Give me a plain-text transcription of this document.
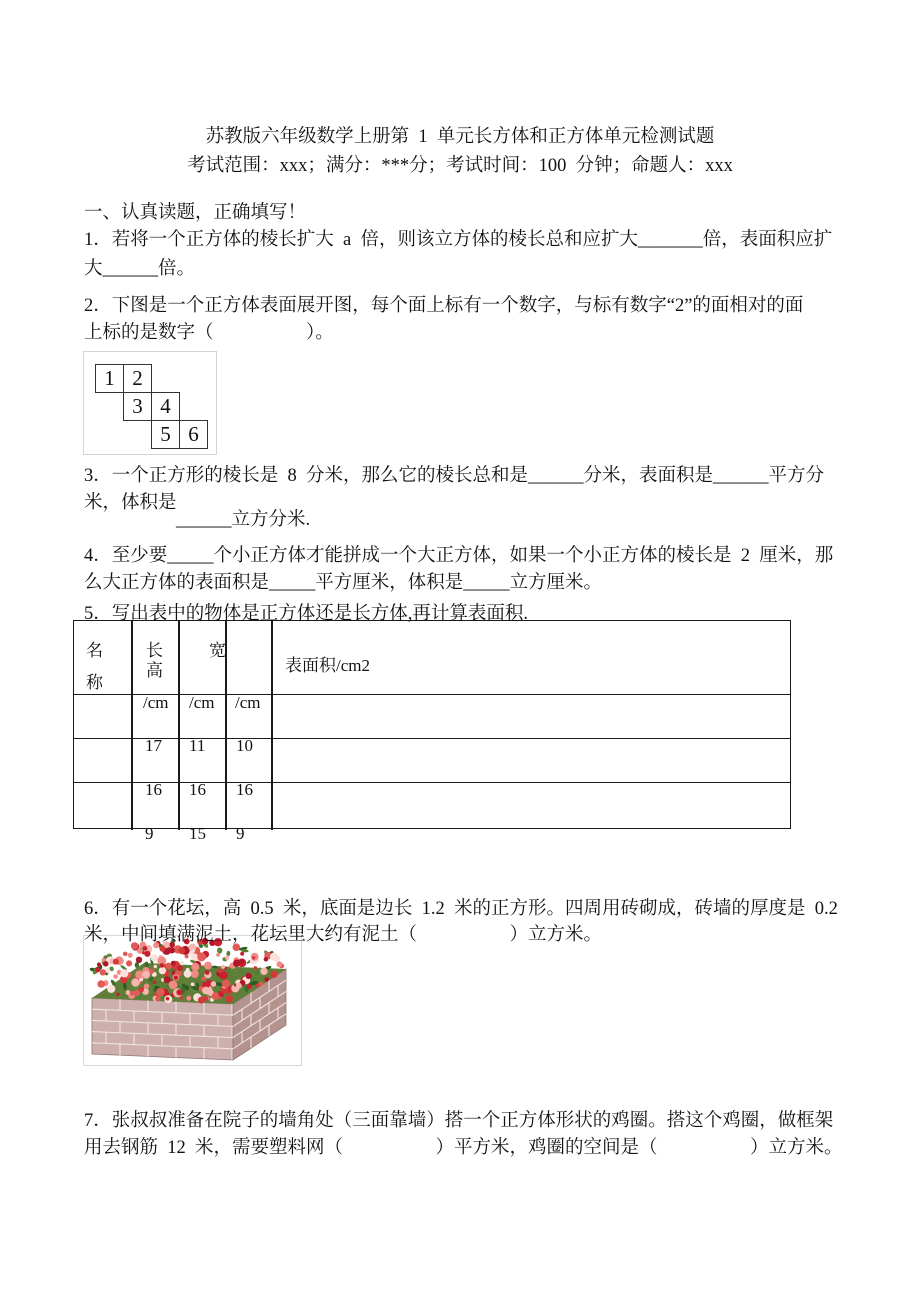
苏教版六年级数学上册第 1 单元长方体和正方体单元检测试题
考试范围：xxx；满分：***分；考试时间：100 分钟；命题人：xxx
一、认真读题，正确填写！
1．若将一个正方体的棱长扩大 a 倍，则该立方体的棱长总和应扩大_______倍，表面积应扩
大______倍。
2．下图是一个正方体表面展开图，每个面上标有一个数字，与标有数字“2”的面相对的面
上标的是数字（          ）。
1 2
3 4
5 6
3．一个正方形的棱长是 8 分米，那么它的棱长总和是______分米，表面积是______平方分
米，体积是
______立方分米.
4．至少要_____个小正方体才能拼成一个大正方体，如果一个小正方体的棱长是 2 厘米，那
么大正方体的表面积是_____平方厘米，体积是_____立方厘米。
5．写出表中的物体是正方体还是长方体,再计算表面积.
名
称
长
高
宽
表面积/cm2
/cm /cm /cm
17 11 10
16 16 16
9 15 9
6．有一个花坛，高 0.5 米，底面是边长 1.2 米的正方形。四周用砖砌成，砖墙的厚度是 0.2
米，中间填满泥土，花坛里大约有泥土（          ）立方米。
7．张叔叔准备在院子的墙角处（三面靠墙）搭一个正方体形状的鸡圈。搭这个鸡圈，做框架
用去钢筋 12 米，需要塑料网（          ）平方米，鸡圈的空间是（          ）立方米。
